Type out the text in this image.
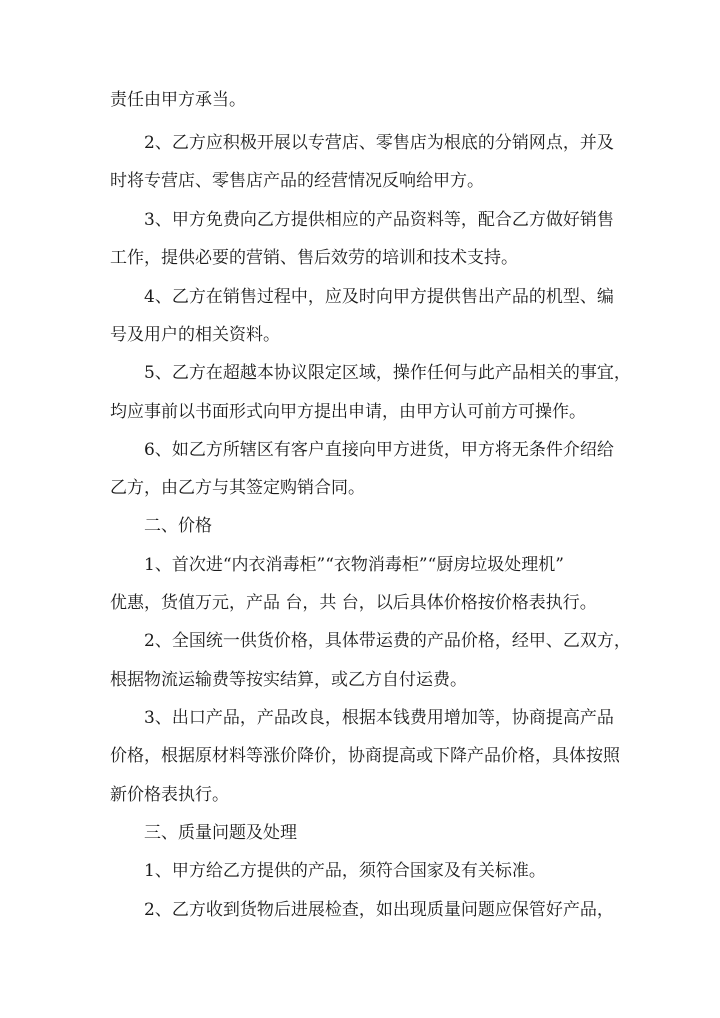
责任由甲方承当。
2、乙方应积极开展以专营店、零售店为根底的分销网点，并及
时将专营店、零售店产品的经营情况反响给甲方。
3、甲方免费向乙方提供相应的产品资料等，配合乙方做好销售
工作，提供必要的营销、售后效劳的培训和技术支持。
4、乙方在销售过程中，应及时向甲方提供售出产品的机型、编
号及用户的相关资料。
5、乙方在超越本协议限定区域，操作任何与此产品相关的事宜，
均应事前以书面形式向甲方提出申请，由甲方认可前方可操作。
6、如乙方所辖区有客户直接向甲方进货，甲方将无条件介绍给
乙方，由乙方与其签定购销合同。
二、价格
1、首次进“内衣消毒柜”“衣物消毒柜”“厨房垃圾处理机”
优惠，货值万元，产品 台，共 台，以后具体价格按价格表执行。
2、全国统一供货价格，具体带运费的产品价格，经甲、乙双方，
根据物流运输费等按实结算，或乙方自付运费。
3、出口产品，产品改良，根据本钱费用增加等，协商提高产品
价格，根据原材料等涨价降价，协商提高或下降产品价格，具体按照
新价格表执行。
三、质量问题及处理
1、甲方给乙方提供的产品，须符合国家及有关标准。
2、乙方收到货物后进展检查，如出现质量问题应保管好产品，
